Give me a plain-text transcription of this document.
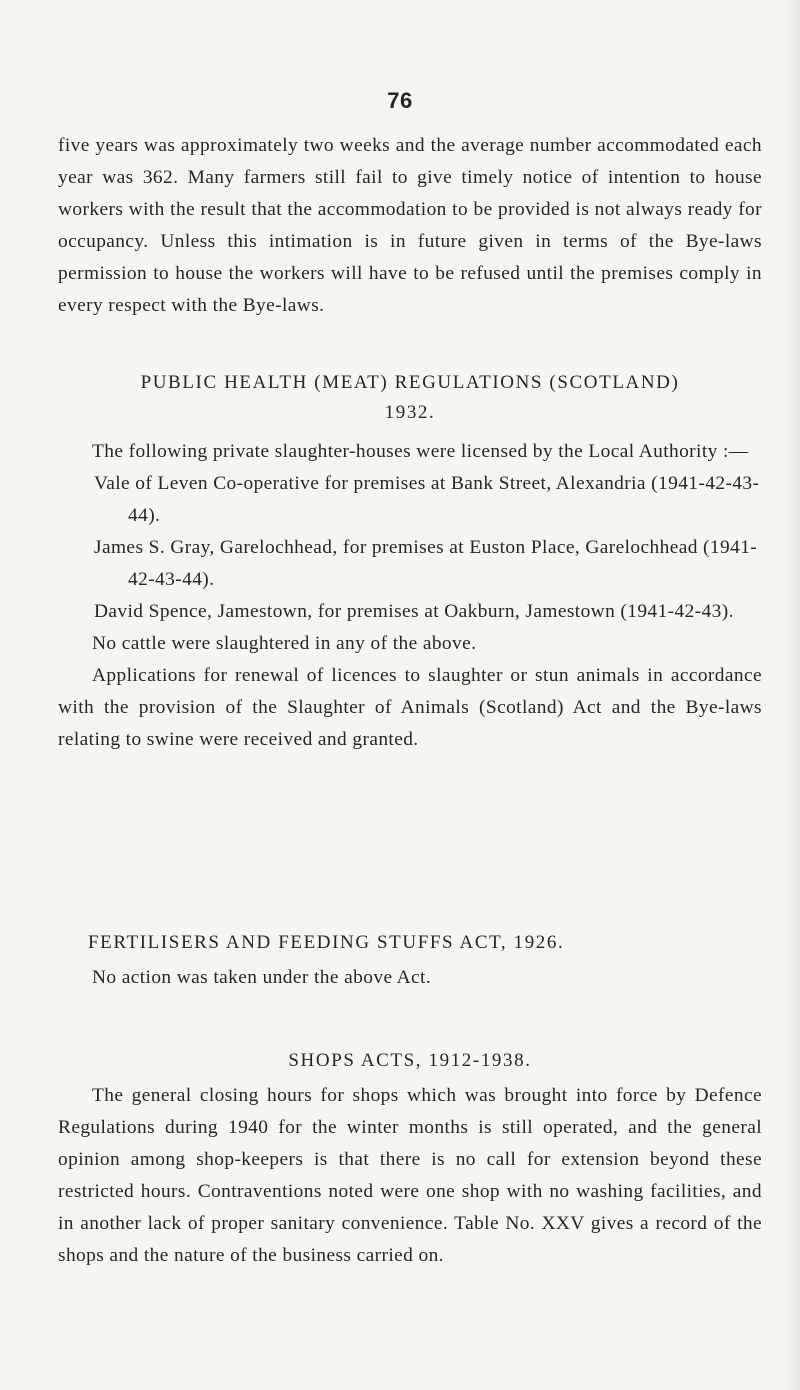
76

five years was approximately two weeks and the average number accommodated each year was 362. Many farmers still fail to give timely notice of intention to house workers with the result that the accommodation to be provided is not always ready for occupancy. Unless this intimation is in future given in terms of the Bye-laws permission to house the workers will have to be refused until the premises comply in every respect with the Bye-laws.

PUBLIC HEALTH (MEAT) REGULATIONS (SCOTLAND)
1932.

The following private slaughter-houses were licensed by the Local Authority :—

Vale of Leven Co-operative for premises at Bank Street, Alexandria (1941-42-43-44).
James S. Gray, Garelochhead, for premises at Euston Place, Garelochhead (1941-42-43-44).
David Spence, Jamestown, for premises at Oakburn, Jamestown (1941-42-43).

No cattle were slaughtered in any of the above.

Applications for renewal of licences to slaughter or stun animals in accordance with the provision of the Slaughter of Animals (Scotland) Act and the Bye-laws relating to swine were received and granted.

FERTILISERS AND FEEDING STUFFS ACT, 1926.

No action was taken under the above Act.

SHOPS ACTS, 1912-1938.

The general closing hours for shops which was brought into force by Defence Regulations during 1940 for the winter months is still operated, and the general opinion among shop-keepers is that there is no call for extension beyond these restricted hours. Contraventions noted were one shop with no washing facilities, and in another lack of proper sanitary convenience. Table No. XXV gives a record of the shops and the nature of the business carried on.
